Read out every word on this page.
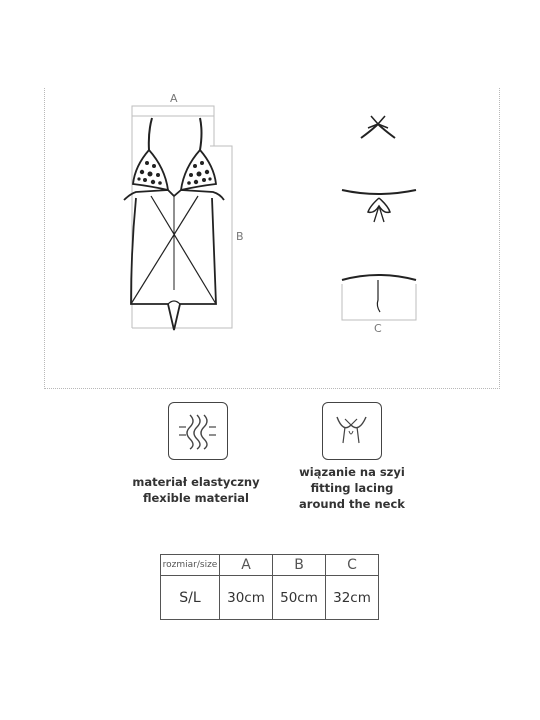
A
B
C
materiał elastyczny
flexible material
wiązanie na szyi
fitting lacing
around the neck
rozmiar/size	A	B	C
S/L	30cm	50cm	32cm
